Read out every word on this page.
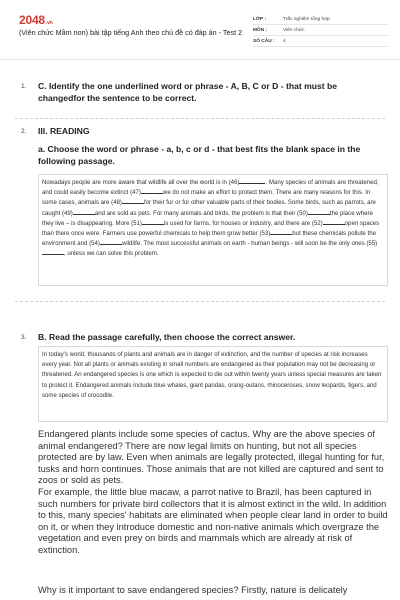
2048.vn
(Viên chức Mầm non) bài tập tiếng Anh theo chủ đề có đáp án - Test 2
LỚP :	Trắc nghiệm tổng hợp
MÔN :	Viên chức
SỐ CÂU :	4
1. C. Identify the one underlined word or phrase - A, B, C or D - that must be changedfor the sentence to be correct.
2. III. READING
a. Choose the word or phrase - a, b, c or d - that best fits the blank space in the following passage.

Nowadays people are more aware that wildlife all over the world is in (46)	. Many species of animals are threatened, and could easily become extinct (47)	we do not make an effort to protect them. There are many reasons for this. In some cases, animals are (48)	for their fur or for other valuable parts of their bodies. Some birds, such as parrots, are caught (49)	and are sold as pets. For many animals and birds, the problem is that their (50)	the place where they live – is disappearing. More (51)	is used for farms, for houses or industry, and there are (52)	open spaces than there once were. Farmers use powerful chemicals to help them grow better (53)	but these chemicals pollute the environment and (54)	wildlife. The most successful animals on earth - human beings - will soon be the only ones (55), unless we can solve this problem.

3. B. Read the passage carefully, then choose the correct answer.

In today's world, thousands of plants and animals are in danger of extinction, and the number of species at risk increases every year. Not all plants or animals existing in small numbers are endangered as their population may not be decreasing or threatened. An endangered species is one which is expected to die out within twenty years unless special measures are taken to protect it. Endangered animals include blue whales, giant pandas, orang-outans, rhinoceroses, snow leopards, tigers, and some species of crocodile.

Endangered plants include some species of cactus. Why are the above species of animal endangered? There are now legal limits on hunting, but not all species protected are by law. Even when animals are legally protected, illegal hunting for fur, tusks and horn continues. Those animals that are not killed are captured and sent to zoos or sold as pets.
For example, the little blue macaw, a parrot native to Brazil, has been captured in such numbers for private bird collectors that it is almost extinct in the wild. In addition to this, many species' habitats are eliminated when people clear land in order to build on it, or when they introduce domestic and non-native animals which overgraze the vegetation and even prey on birds and mammals which are already at risk of extinction.
Why is it important to save endangered species? Firstly, nature is delicately
